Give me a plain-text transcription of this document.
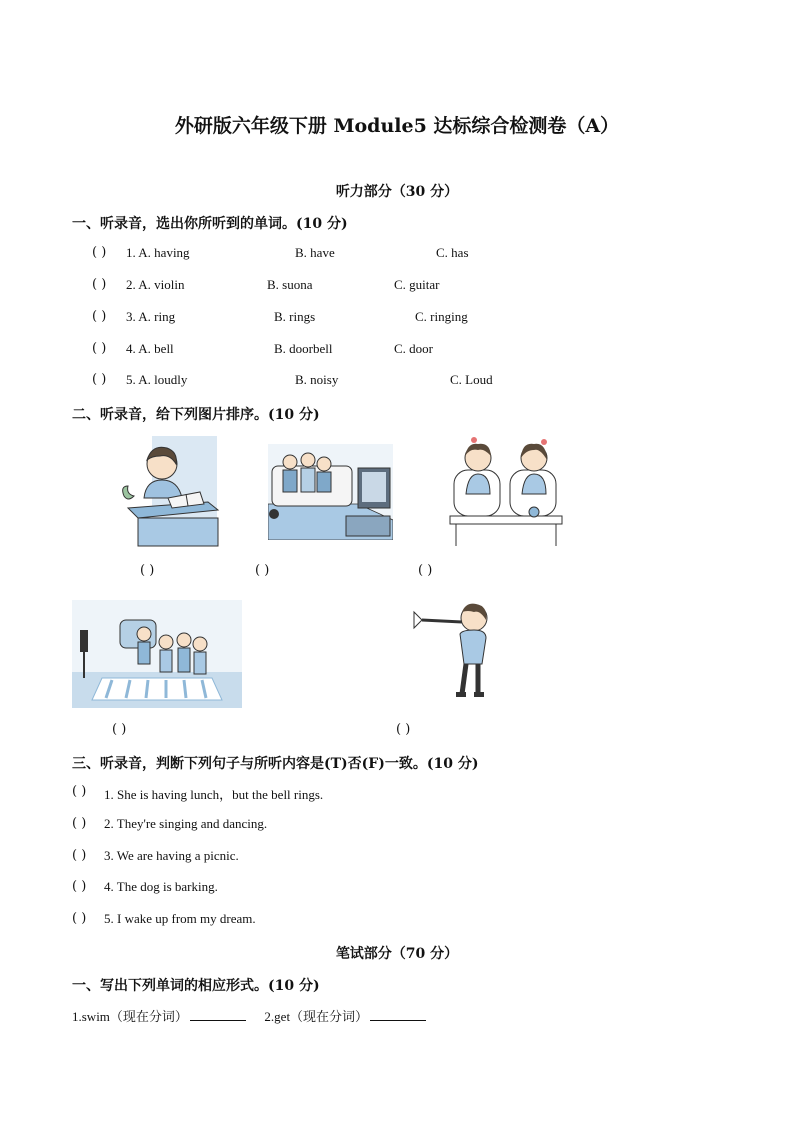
外研版六年级下册 Module5 达标综合检测卷（A）
听力部分（30 分）
一、听录音，选出你所听到的单词。(10 分)
( ) 1. A. having	B. have	C. has
( ) 2. A. violin	B. suona	C. guitar
( ) 3. A. ring	B. rings	C. ringing
( ) 4. A. bell	B. doorbell	C. door
( ) 5. A. loudly	B. noisy	C. Loud
二、听录音，给下列图片排序。(10 分)
( )	( )	( )
( )	( )
三、听录音，判断下列句子与所听内容是(T)否(F)一致。(10 分)
( ) 1. She is having lunch，but the bell rings.
( ) 2. They're singing and dancing.
( ) 3. We are having a picnic.
( ) 4. The dog is barking.
( ) 5. I wake up from my dream.
笔试部分（70 分）
一、写出下列单词的相应形式。(10 分)
1.swim（现在分词）	2.get（现在分词）
